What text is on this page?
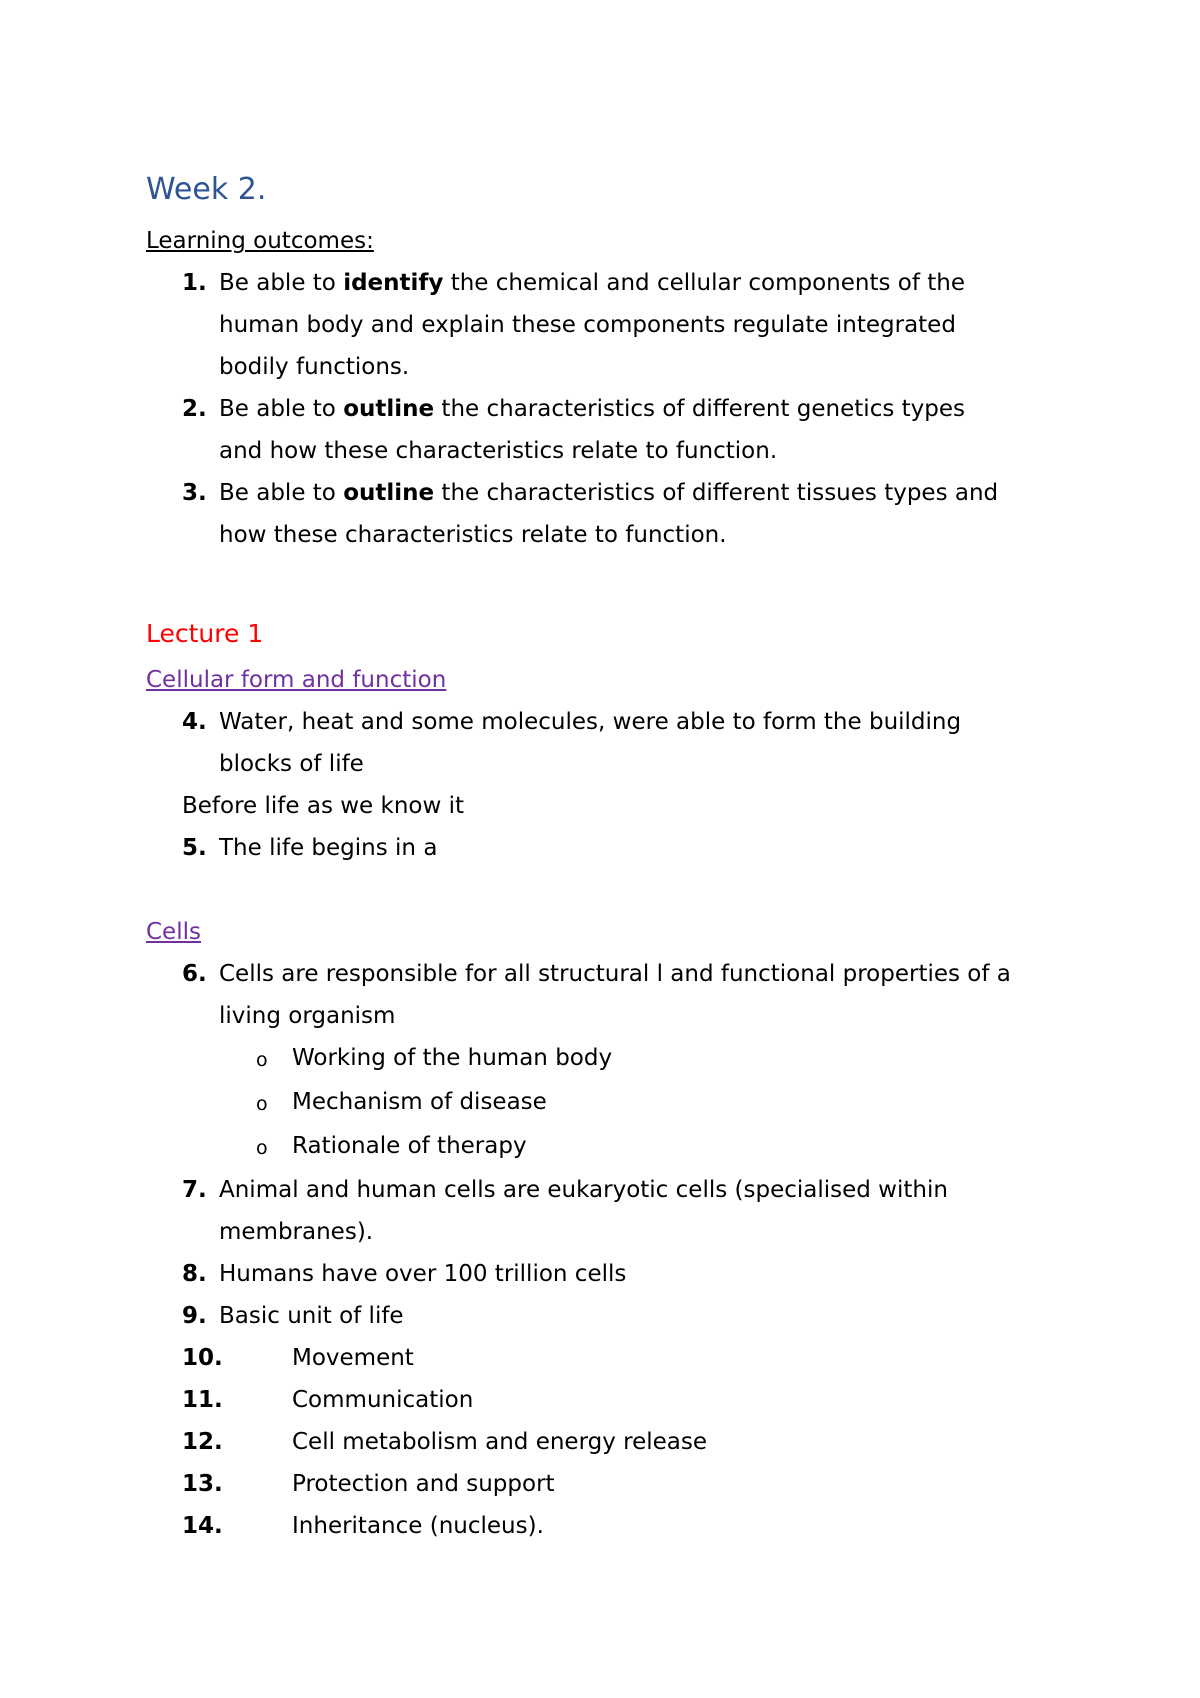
Week 2.
Learning outcomes:
1. Be able to identify the chemical and cellular components of the
human body and explain these components regulate integrated
bodily functions.
2. Be able to outline the characteristics of different genetics types
and how these characteristics relate to function.
3. Be able to outline the characteristics of different tissues types and
how these characteristics relate to function.
Lecture 1
Cellular form and function
4. Water, heat and some molecules, were able to form the building
blocks of life
Before life as we know it
5. The life begins in a
Cells
6. Cells are responsible for all structural l and functional properties of a
living organism
o Working of the human body
o Mechanism of disease
o Rationale of therapy
7. Animal and human cells are eukaryotic cells (specialised within
membranes).
8. Humans have over 100 trillion cells
9. Basic unit of life
10.	Movement
11.	Communication
12.	Cell metabolism and energy release
13.	Protection and support
14.	Inheritance (nucleus).
